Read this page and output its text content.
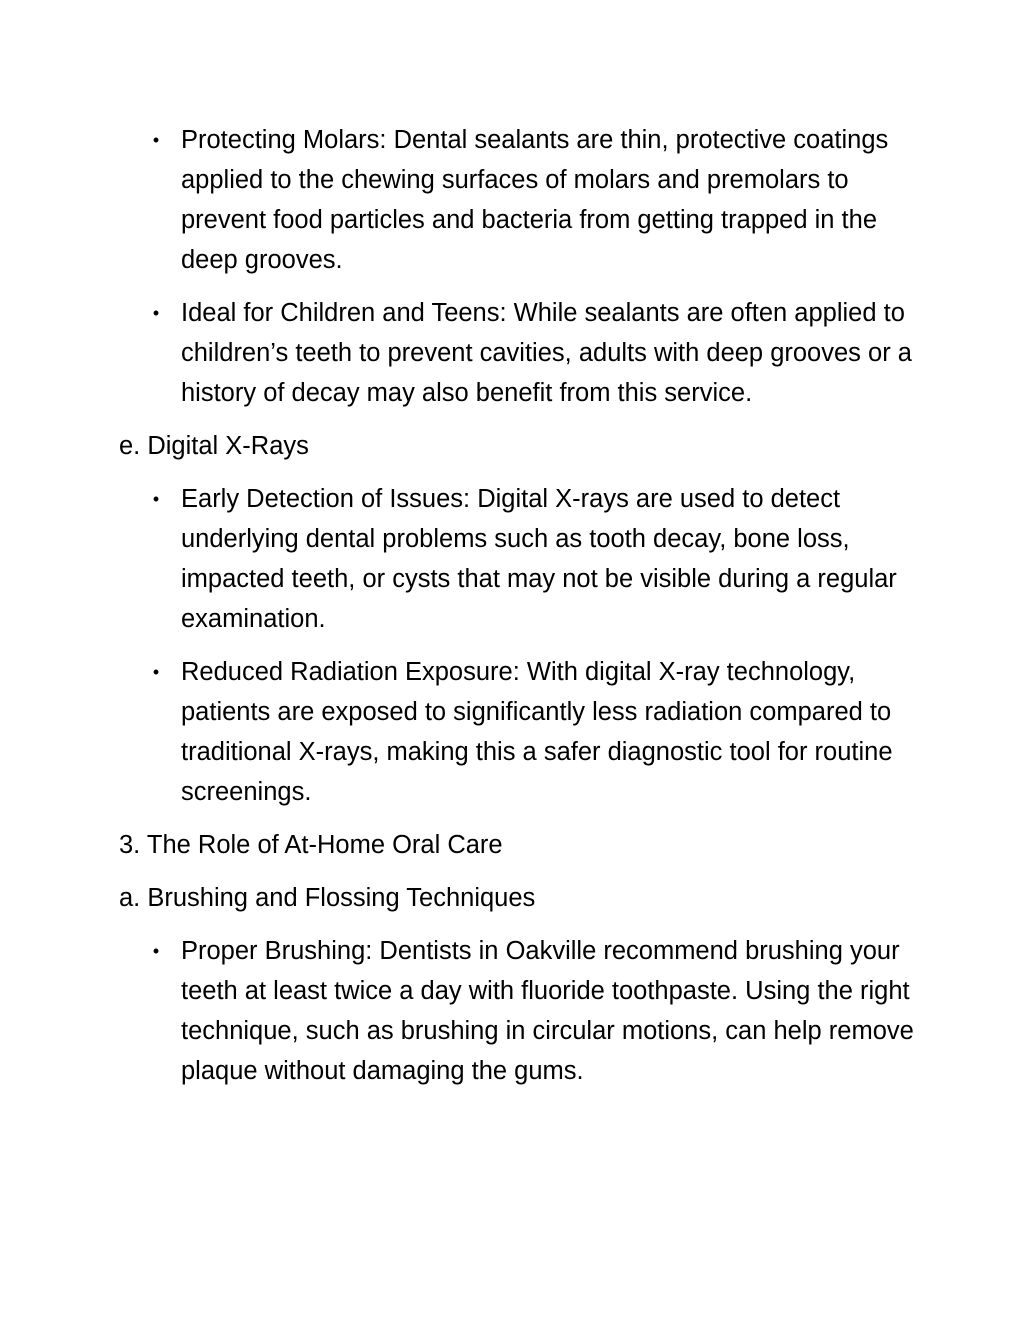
• Protecting Molars: Dental sealants are thin, protective coatings applied to the chewing surfaces of molars and premolars to prevent food particles and bacteria from getting trapped in the deep grooves.
• Ideal for Children and Teens: While sealants are often applied to children’s teeth to prevent cavities, adults with deep grooves or a history of decay may also benefit from this service.
e. Digital X-Rays
• Early Detection of Issues: Digital X-rays are used to detect underlying dental problems such as tooth decay, bone loss, impacted teeth, or cysts that may not be visible during a regular examination.
• Reduced Radiation Exposure: With digital X-ray technology, patients are exposed to significantly less radiation compared to traditional X-rays, making this a safer diagnostic tool for routine screenings.
3. The Role of At-Home Oral Care
a. Brushing and Flossing Techniques
• Proper Brushing: Dentists in Oakville recommend brushing your teeth at least twice a day with fluoride toothpaste. Using the right technique, such as brushing in circular motions, can help remove plaque without damaging the gums.
